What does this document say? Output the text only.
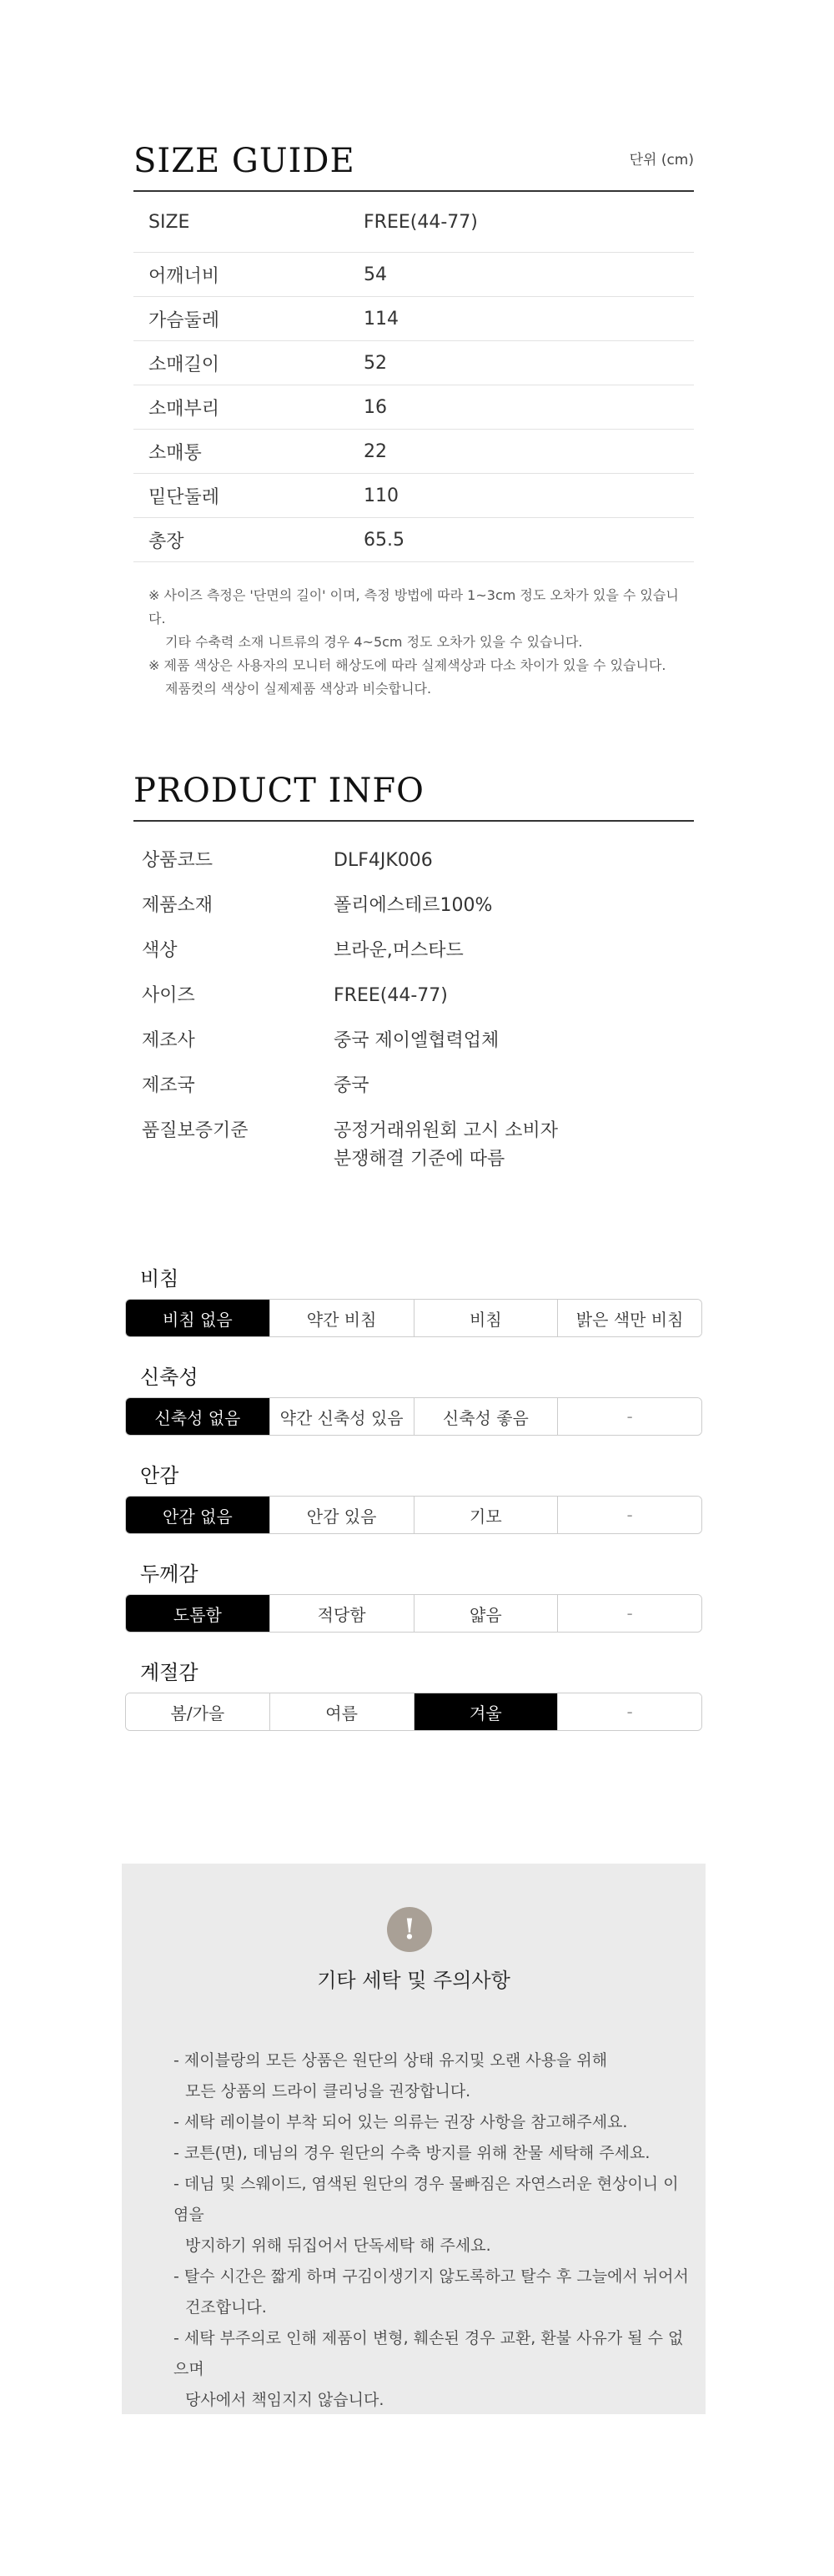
SIZE GUIDE	단위 (cm)
SIZE	FREE(44-77)
어깨너비	54
가슴둘레	114
소매길이	52
소매부리	16
소매통	22
밑단둘레	110
총장	65.5
※ 사이즈 측정은 '단면의 길이' 이며, 측정 방법에 따라 1~3cm 정도 오차가 있을 수 있습니다.
기타 수축력 소재 니트류의 경우 4~5cm 정도 오차가 있을 수 있습니다.
※ 제품 색상은 사용자의 모니터 해상도에 따라 실제색상과 다소 차이가 있을 수 있습니다.
제품컷의 색상이 실제제품 색상과 비슷합니다.
PRODUCT INFO
상품코드	DLF4JK006
제품소재	폴리에스테르100%
색상	브라운,머스타드
사이즈	FREE(44-77)
제조사	중국 제이엘협력업체
제조국	중국
품질보증기준	공정거래위원회 고시 소비자
분쟁해결 기준에 따름
비침
비침 없음	약간 비침	비침	밝은 색만 비침
신축성
신축성 없음	약간 신축성 있음	신축성 좋음	-
안감
안감 없음	안감 있음	기모	-
두께감
도톰함	적당함	얇음	-
계절감
봄/가을	여름	겨울	-
!
기타 세탁 및 주의사항
- 제이블랑의 모든 상품은 원단의 상태 유지및 오랜 사용을 위해
모든 상품의 드라이 클리닝을 권장합니다.
- 세탁 레이블이 부착 되어 있는 의류는 권장 사항을 참고해주세요.
- 코튼(면), 데님의 경우 원단의 수축 방지를 위해 찬물 세탁해 주세요.
- 데님 및 스웨이드, 염색된 원단의 경우 물빠짐은 자연스러운 현상이니 이염을
방지하기 위해 뒤집어서 단독세탁 해 주세요.
- 탈수 시간은 짧게 하며 구김이생기지 않도록하고 탈수 후 그늘에서 뉘어서
건조합니다.
- 세탁 부주의로 인해 제품이 변형, 훼손된 경우 교환, 환불 사유가 될 수 없으며
당사에서 책임지지 않습니다.
